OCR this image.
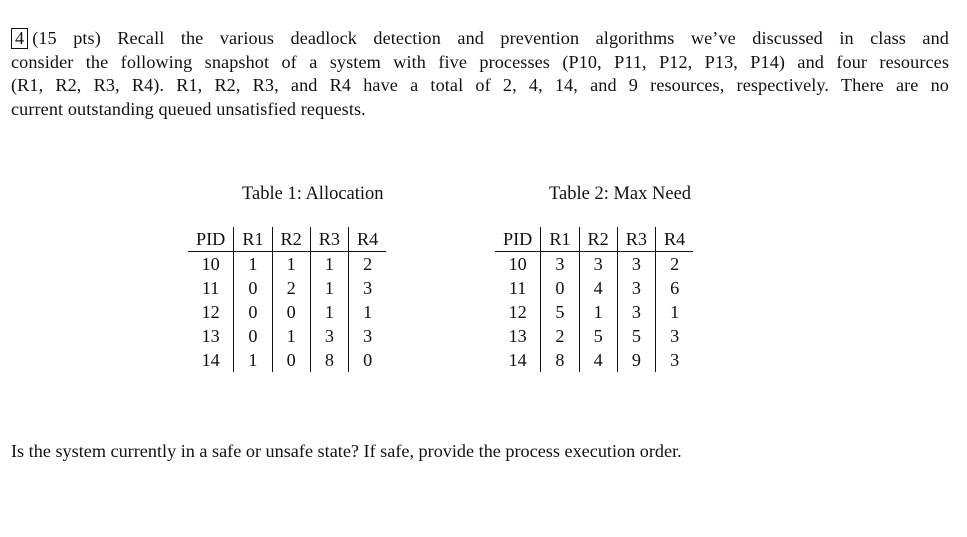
4 (15 pts) Recall the various deadlock detection and prevention algorithms we’ve discussed in class and
consider the following snapshot of a system with five processes (P10, P11, P12, P13, P14) and four resources
(R1, R2, R3, R4). R1, R2, R3, and R4 have a total of 2, 4, 14, and 9 resources, respectively. There are no
current outstanding queued unsatisfied requests.
Table 1: Allocation
PID	R1	R2	R3	R4
10	1	1	1	2
11	0	2	1	3
12	0	0	1	1
13	0	1	3	3
14	1	0	8	0
Table 2: Max Need
PID	R1	R2	R3	R4
10	3	3	3	2
11	0	4	3	6
12	5	1	3	1
13	2	5	5	3
14	8	4	9	3
Is the system currently in a safe or unsafe state? If safe, provide the process execution order.
